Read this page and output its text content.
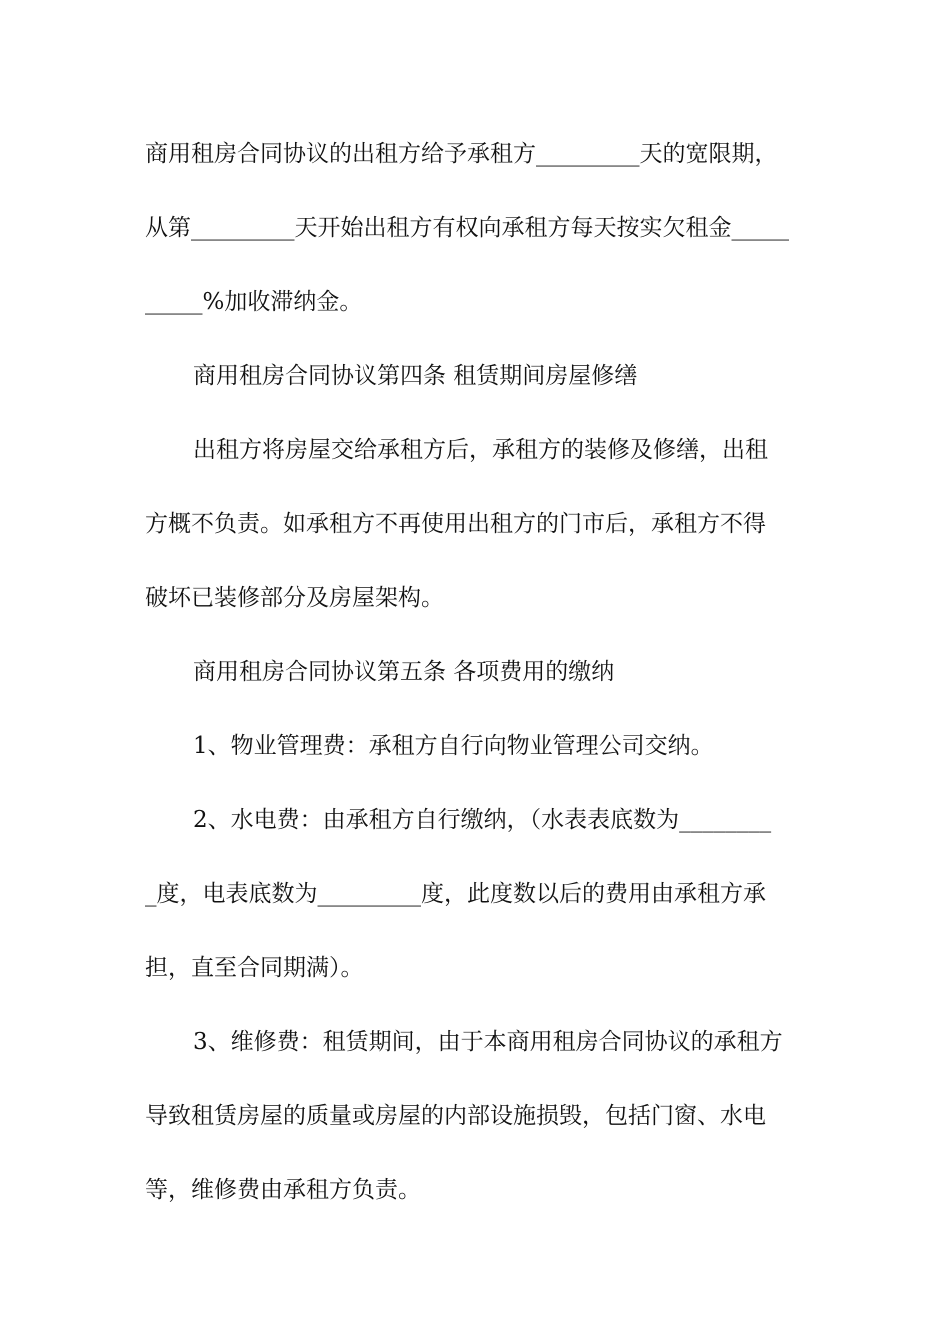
商用租房合同协议的出租方给予承租方_________天的宽限期，
从第_________天开始出租方有权向承租方每天按实欠租金_____
_____%加收滞纳金。
商用租房合同协议第四条 租赁期间房屋修缮
出租方将房屋交给承租方后，承租方的装修及修缮，出租
方概不负责。如承租方不再使用出租方的门市后，承租方不得
破坏已装修部分及房屋架构。
商用租房合同协议第五条 各项费用的缴纳
1、物业管理费：承租方自行向物业管理公司交纳。
2、水电费：由承租方自行缴纳，（水表表底数为________
_度，电表底数为_________度，此度数以后的费用由承租方承
担，直至合同期满）。
3、维修费：租赁期间，由于本商用租房合同协议的承租方
导致租赁房屋的质量或房屋的内部设施损毁，包括门窗、水电
等，维修费由承租方负责。
